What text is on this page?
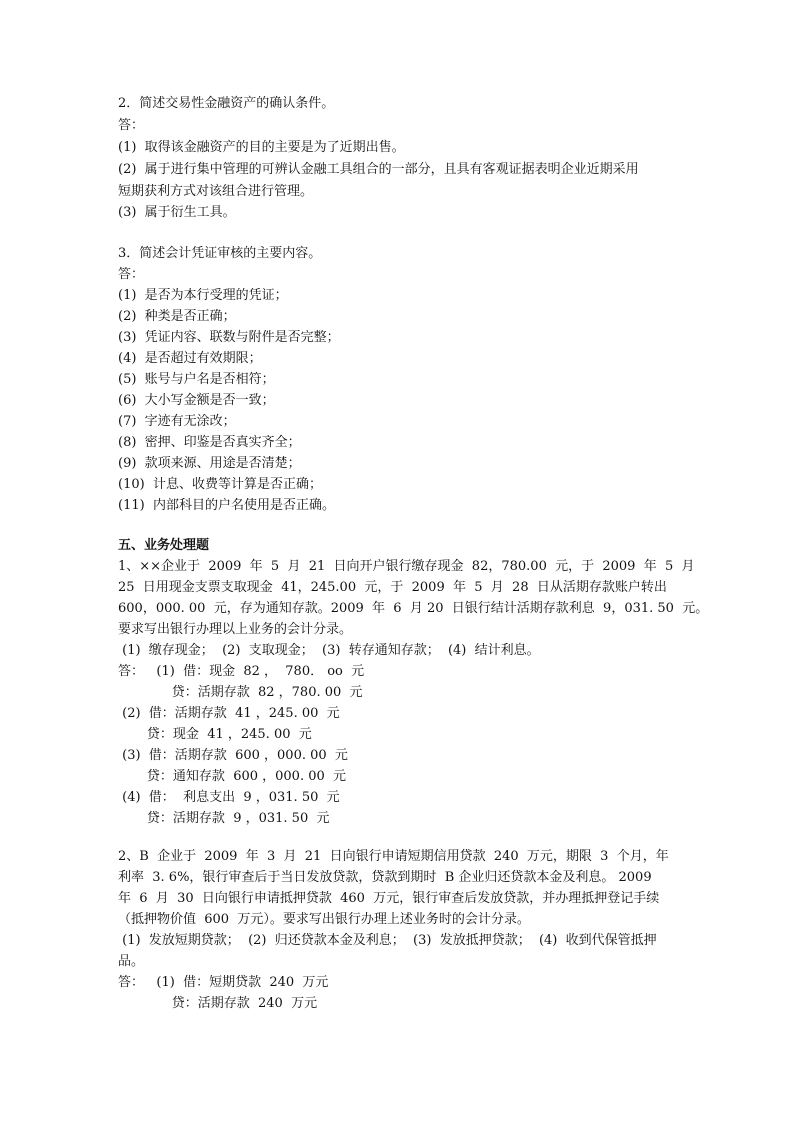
2．简述交易性金融资产的确认条件。
答：
(1)  取得该金融资产的目的主要是为了近期出售。
(2)  属于进行集中管理的可辨认金融工具组合的一部分，且具有客观证据表明企业近期采用
短期获利方式对该组合进行管理。
(3)  属于衍生工具。
3．简述会计凭证审核的主要内容。
答：
(1)  是否为本行受理的凭证；
(2)  种类是否正确；
(3)  凭证内容、联数与附件是否完整；
(4)  是否超过有效期限；
(5)  账号与户名是否相符；
(6)  大小写金额是否一致；
(7)  字迹有无涂改；
(8)  密押、印鉴是否真实齐全；
(9)  款项来源、用途是否清楚；
(10)  计息、收费等计算是否正确；
(11)  内部科目的户名使用是否正确。
五、业务处理题
1、××企业于  2009  年  5  月  21  日向开户银行缴存现金  82，780.00  元，于  2009  年  5  月
25  日用现金支票支取现金  41，245.00  元，于  2009  年  5  月  28  日从活期存款账户转出
600，000. 00  元，存为通知存款。2009  年  6  月 20  日银行结计活期存款利息  9，031. 50  元。
要求写出银行办理以上业务的会计分录。
(1)  缴存现金；  (2)  支取现金；  (3)  转存通知存款；  (4)  结计利息。
答：   (1)  借：现金  82 ，  780． oo  元
贷：活期存款  82 ，780. 00  元
(2)  借：活期存款  41 ，245. 00  元
贷：现金  41 ，245. 00  元
(3)  借：活期存款  600 ，000. 00  元
贷：通知存款  600 ，000. 00  元
(4)  借：  利息支出  9 ，031. 50  元
贷：活期存款  9 ，031. 50  元
2、B  企业于  2009  年  3  月  21  日向银行申请短期信用贷款  240  万元，期限  3  个月，年
利率  3. 6%，银行审查后于当日发放贷款，贷款到期时  B 企业归还贷款本金及利息。 2009
年  6  月  30  日向银行申请抵押贷款  460  万元，银行审查后发放贷款，并办理抵押登记手续
（抵押物价值  600  万元）。要求写出银行办理上述业务时的会计分录。
(1)  发放短期贷款；  (2)  归还贷款本金及利息；  (3)  发放抵押贷款；  (4)  收到代保管抵押
品。
答：   (1)  借：短期贷款  240  万元
贷：活期存款  240  万元
